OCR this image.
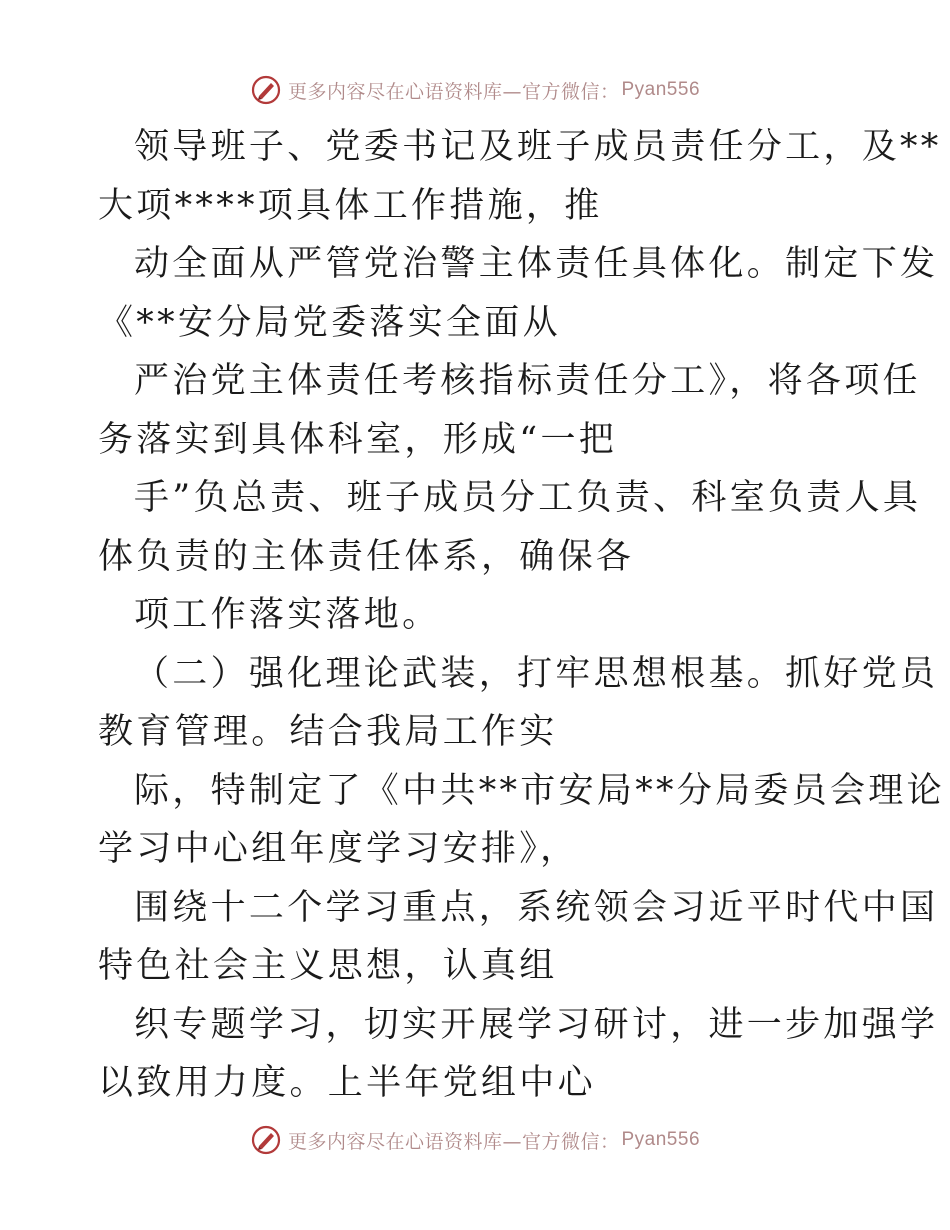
更多内容尽在心语资料库—官方微信： Pyan556
领导班子、党委书记及班子成员责任分工，及**
大项****项具体工作措施，推
动全面从严管党治警主体责任具体化。制定下发
《**安分局党委落实全面从
严治党主体责任考核指标责任分工》，将各项任
务落实到具体科室，形成“一把
手”负总责、班子成员分工负责、科室负责人具
体负责的主体责任体系，确保各
项工作落实落地。
（二）强化理论武装，打牢思想根基。抓好党员
教育管理。结合我局工作实
际，特制定了《中共**市安局**分局委员会理论
学习中心组年度学习安排》，
围绕十二个学习重点，系统领会习近平时代中国
特色社会主义思想，认真组
织专题学习，切实开展学习研讨，进一步加强学
以致用力度。上半年党组中心
更多内容尽在心语资料库—官方微信： Pyan556
